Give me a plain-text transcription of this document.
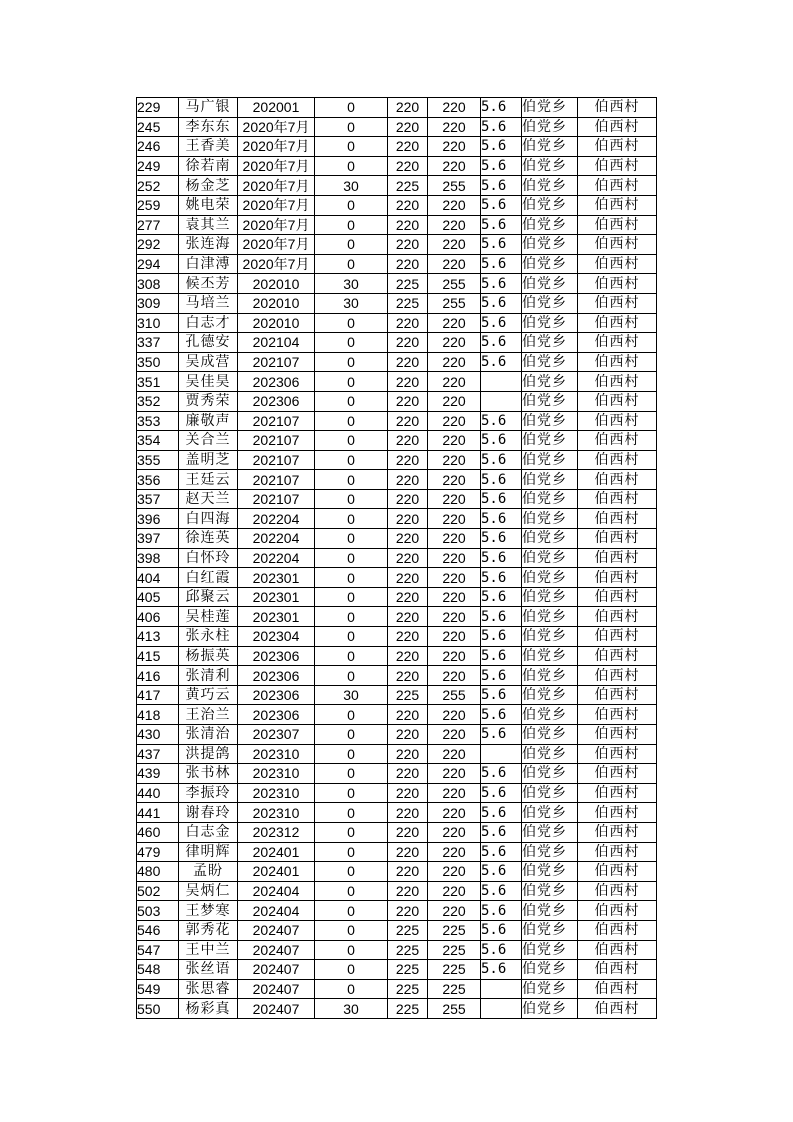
229	马广银	202001	0	220	220	5.6	伯党乡	伯西村
245	李东东	2020年7月	0	220	220	5.6	伯党乡	伯西村
246	王香美	2020年7月	0	220	220	5.6	伯党乡	伯西村
249	徐若南	2020年7月	0	220	220	5.6	伯党乡	伯西村
252	杨金芝	2020年7月	30	225	255	5.6	伯党乡	伯西村
259	姚电荣	2020年7月	0	220	220	5.6	伯党乡	伯西村
277	袁其兰	2020年7月	0	220	220	5.6	伯党乡	伯西村
292	张连海	2020年7月	0	220	220	5.6	伯党乡	伯西村
294	白津溥	2020年7月	0	220	220	5.6	伯党乡	伯西村
308	候丕芳	202010	30	225	255	5.6	伯党乡	伯西村
309	马培兰	202010	30	225	255	5.6	伯党乡	伯西村
310	白志才	202010	0	220	220	5.6	伯党乡	伯西村
337	孔德安	202104	0	220	220	5.6	伯党乡	伯西村
350	吴成营	202107	0	220	220	5.6	伯党乡	伯西村
351	吴佳昊	202306	0	220	220		伯党乡	伯西村
352	贾秀荣	202306	0	220	220		伯党乡	伯西村
353	廉敬声	202107	0	220	220	5.6	伯党乡	伯西村
354	关合兰	202107	0	220	220	5.6	伯党乡	伯西村
355	盖明芝	202107	0	220	220	5.6	伯党乡	伯西村
356	王廷云	202107	0	220	220	5.6	伯党乡	伯西村
357	赵天兰	202107	0	220	220	5.6	伯党乡	伯西村
396	白四海	202204	0	220	220	5.6	伯党乡	伯西村
397	徐连英	202204	0	220	220	5.6	伯党乡	伯西村
398	白怀玲	202204	0	220	220	5.6	伯党乡	伯西村
404	白红霞	202301	0	220	220	5.6	伯党乡	伯西村
405	邱聚云	202301	0	220	220	5.6	伯党乡	伯西村
406	吴桂莲	202301	0	220	220	5.6	伯党乡	伯西村
413	张永柱	202304	0	220	220	5.6	伯党乡	伯西村
415	杨振英	202306	0	220	220	5.6	伯党乡	伯西村
416	张清利	202306	0	220	220	5.6	伯党乡	伯西村
417	黄巧云	202306	30	225	255	5.6	伯党乡	伯西村
418	王治兰	202306	0	220	220	5.6	伯党乡	伯西村
430	张清治	202307	0	220	220	5.6	伯党乡	伯西村
437	洪提鸽	202310	0	220	220		伯党乡	伯西村
439	张书林	202310	0	220	220	5.6	伯党乡	伯西村
440	李振玲	202310	0	220	220	5.6	伯党乡	伯西村
441	谢春玲	202310	0	220	220	5.6	伯党乡	伯西村
460	白志金	202312	0	220	220	5.6	伯党乡	伯西村
479	律明辉	202401	0	220	220	5.6	伯党乡	伯西村
480	孟盼	202401	0	220	220	5.6	伯党乡	伯西村
502	吴炳仁	202404	0	220	220	5.6	伯党乡	伯西村
503	王梦寒	202404	0	220	220	5.6	伯党乡	伯西村
546	郭秀花	202407	0	225	225	5.6	伯党乡	伯西村
547	王中兰	202407	0	225	225	5.6	伯党乡	伯西村
548	张丝语	202407	0	225	225	5.6	伯党乡	伯西村
549	张思睿	202407	0	225	225		伯党乡	伯西村
550	杨彩真	202407	30	225	255		伯党乡	伯西村
